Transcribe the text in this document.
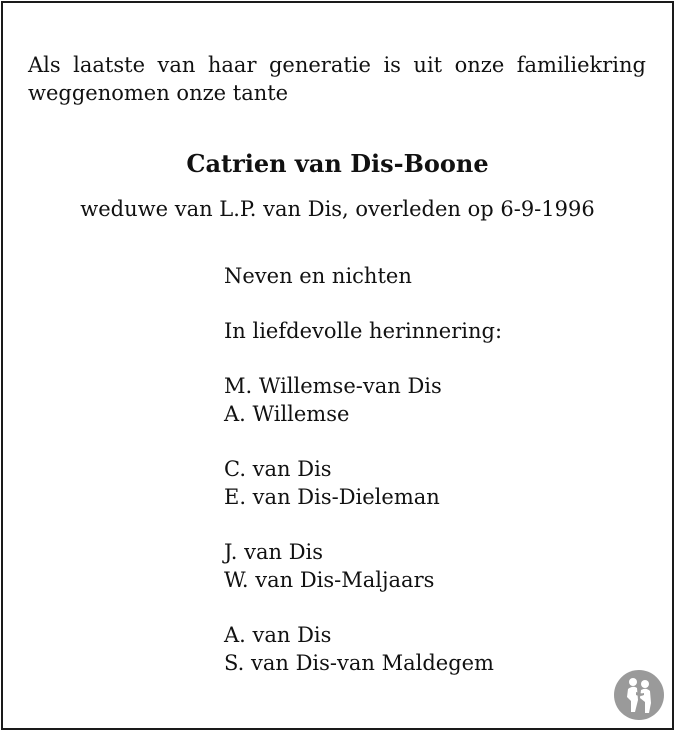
Als laatste van haar generatie is uit onze familiekring
weggenomen onze tante

Catrien van Dis-Boone

weduwe van L.P. van Dis, overleden op 6-9-1996

Neven en nichten
In liefdevolle herinnering:
M. Willemse-van Dis
A. Willemse
C. van Dis
E. van Dis-Dieleman
J. van Dis
W. van Dis-Maljaars
A. van Dis
S. van Dis-van Maldegem
